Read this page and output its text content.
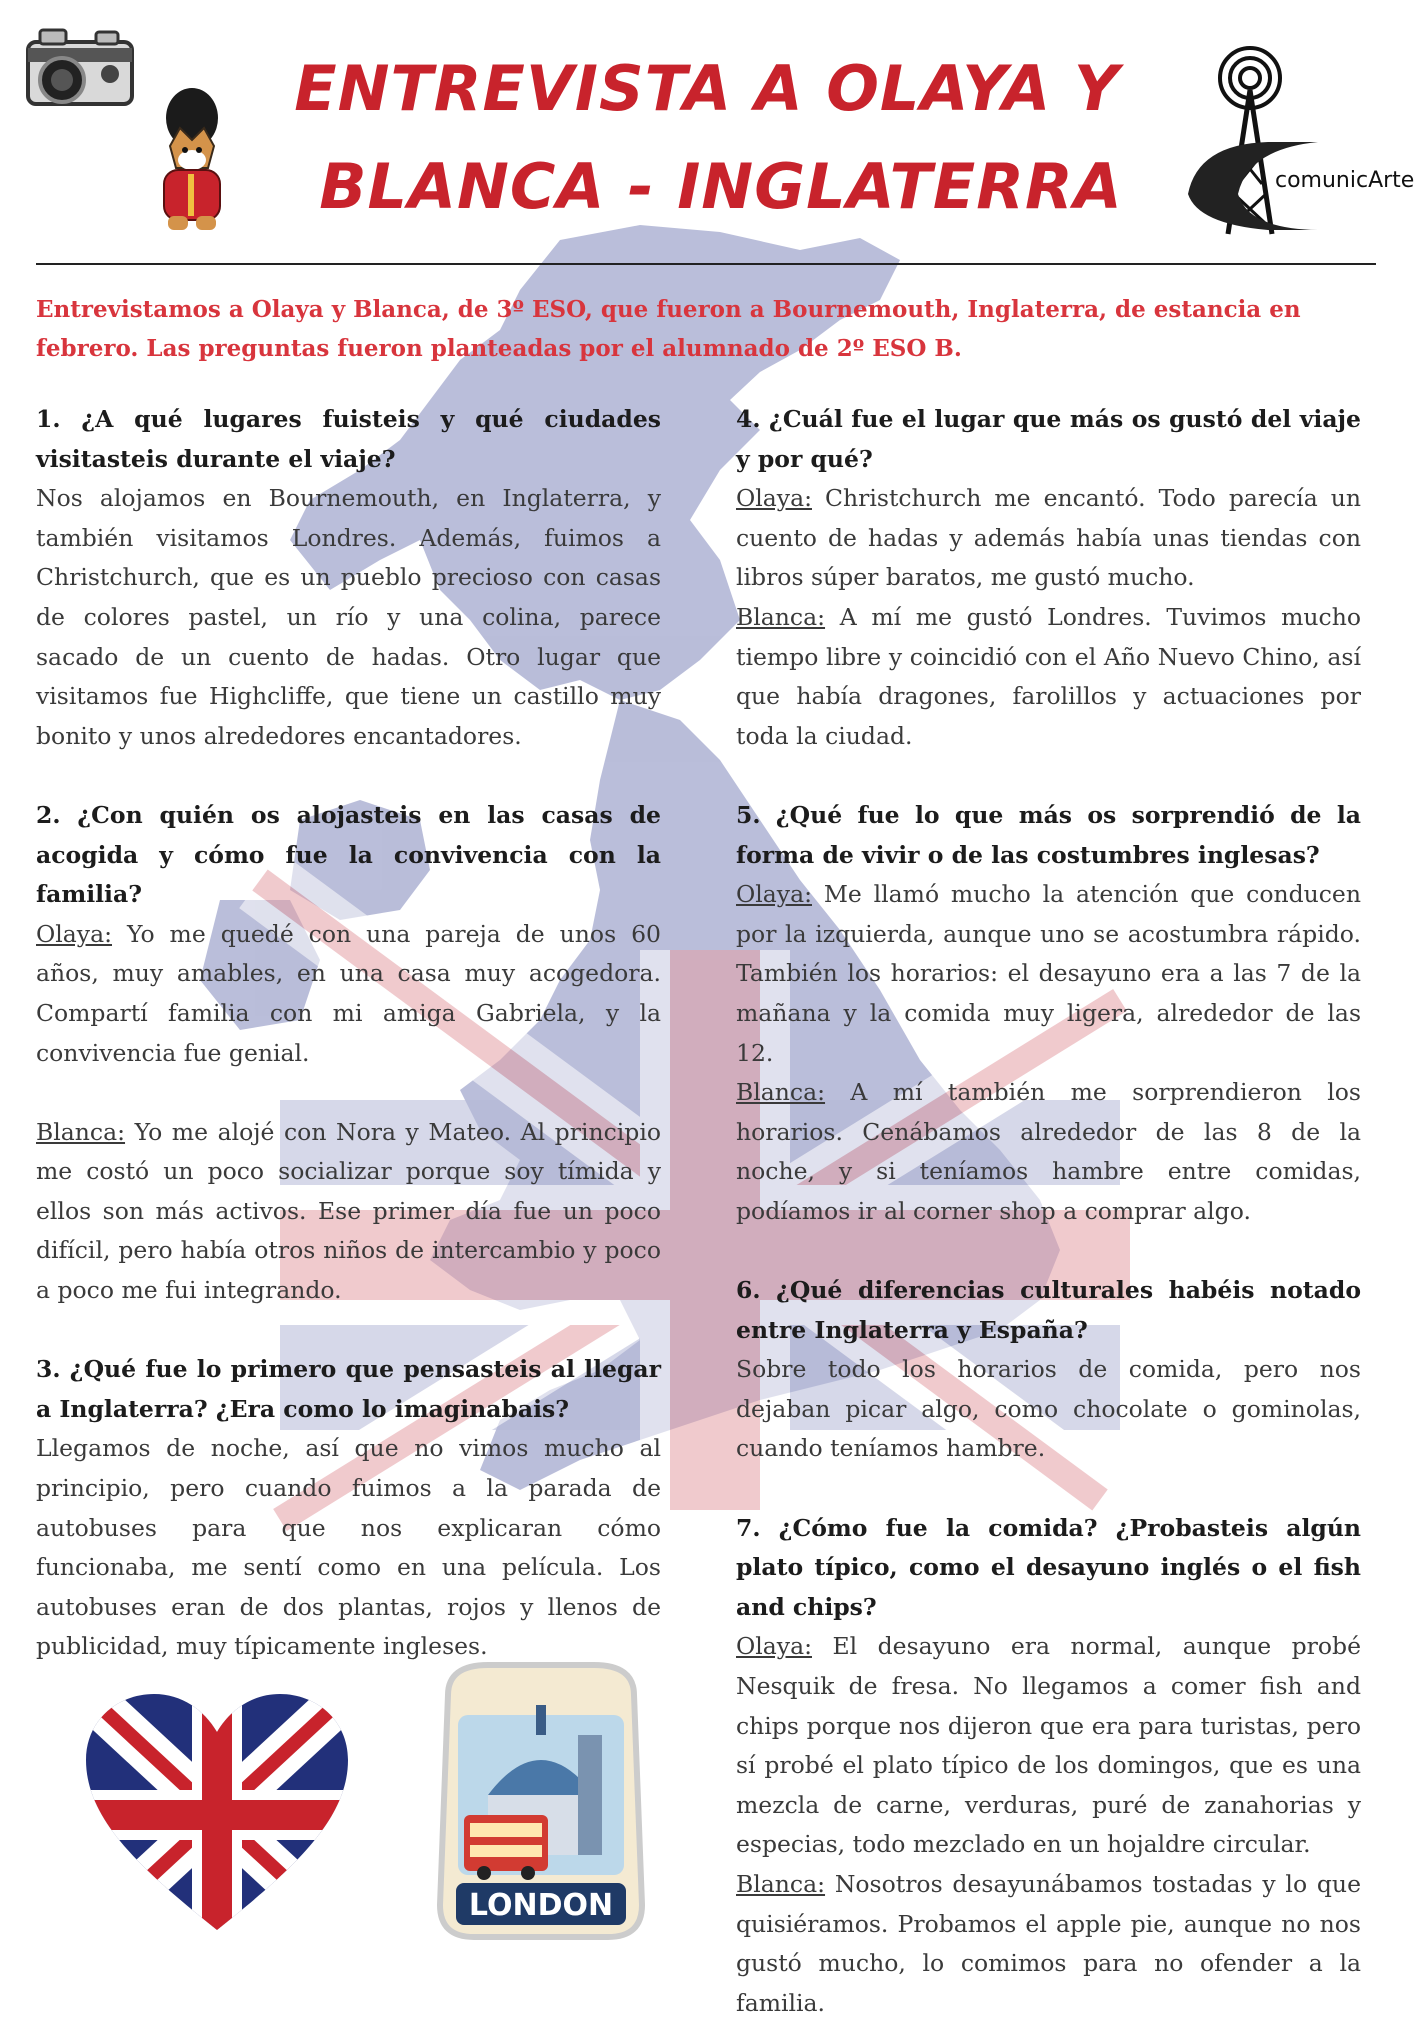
comunicArte
ENTREVISTA A OLAYA Y
BLANCA - INGLATERRA
Entrevistamos a Olaya y Blanca, de 3º ESO, que fueron a Bournemouth, Inglaterra, de estancia en febrero. Las preguntas fueron planteadas por el alumnado de 2º ESO B.
1. ¿A qué lugares fuisteis y qué ciudades visitasteis durante el viaje?
Nos alojamos en Bournemouth, en Inglaterra, y también visitamos Londres. Además, fuimos a Christchurch, que es un pueblo precioso con casas de colores pastel, un río y una colina, parece sacado de un cuento de hadas. Otro lugar que visitamos fue Highcliffe, que tiene un castillo muy bonito y unos alrededores encantadores.
2. ¿Con quién os alojasteis en las casas de acogida y cómo fue la convivencia con la familia?
Olaya: Yo me quedé con una pareja de unos 60 años, muy amables, en una casa muy acogedora. Compartí familia con mi amiga Gabriela, y la convivencia fue genial.
Blanca: Yo me alojé con Nora y Mateo. Al principio me costó un poco socializar porque soy tímida y ellos son más activos. Ese primer día fue un poco difícil, pero había otros niños de intercambio y poco a poco me fui integrando.
3. ¿Qué fue lo primero que pensasteis al llegar a Inglaterra? ¿Era como lo imaginabais?
Llegamos de noche, así que no vimos mucho al principio, pero cuando fuimos a la parada de autobuses para que nos explicaran cómo funcionaba, me sentí como en una película. Los autobuses eran de dos plantas, rojos y llenos de publicidad, muy típicamente ingleses.
4. ¿Cuál fue el lugar que más os gustó del viaje y por qué?
Olaya: Christchurch me encantó. Todo parecía un cuento de hadas y además había unas tiendas con libros súper baratos, me gustó mucho.
Blanca: A mí me gustó Londres. Tuvimos mucho tiempo libre y coincidió con el Año Nuevo Chino, así que había dragones, farolillos y actuaciones por toda la ciudad.
5. ¿Qué fue lo que más os sorprendió de la forma de vivir o de las costumbres inglesas?
Olaya: Me llamó mucho la atención que conducen por la izquierda, aunque uno se acostumbra rápido. También los horarios: el desayuno era a las 7 de la mañana y la comida muy ligera, alrededor de las 12.
Blanca: A mí también me sorprendieron los horarios. Cenábamos alrededor de las 8 de la noche, y si teníamos hambre entre comidas, podíamos ir al corner shop a comprar algo.
6. ¿Qué diferencias culturales habéis notado entre Inglaterra y España?
Sobre todo los horarios de comida, pero nos dejaban picar algo, como chocolate o gominolas, cuando teníamos hambre.
7. ¿Cómo fue la comida? ¿Probasteis algún plato típico, como el desayuno inglés o el fish and chips?
Olaya: El desayuno era normal, aunque probé Nesquik de fresa. No llegamos a comer fish and chips porque nos dijeron que era para turistas, pero sí probé el plato típico de los domingos, que es una mezcla de carne, verduras, puré de zanahorias y especias, todo mezclado en un hojaldre circular.
Blanca: Nosotros desayunábamos tostadas y lo que quisiéramos. Probamos el apple pie, aunque no nos gustó mucho, lo comimos para no ofender a la familia.
LONDON
